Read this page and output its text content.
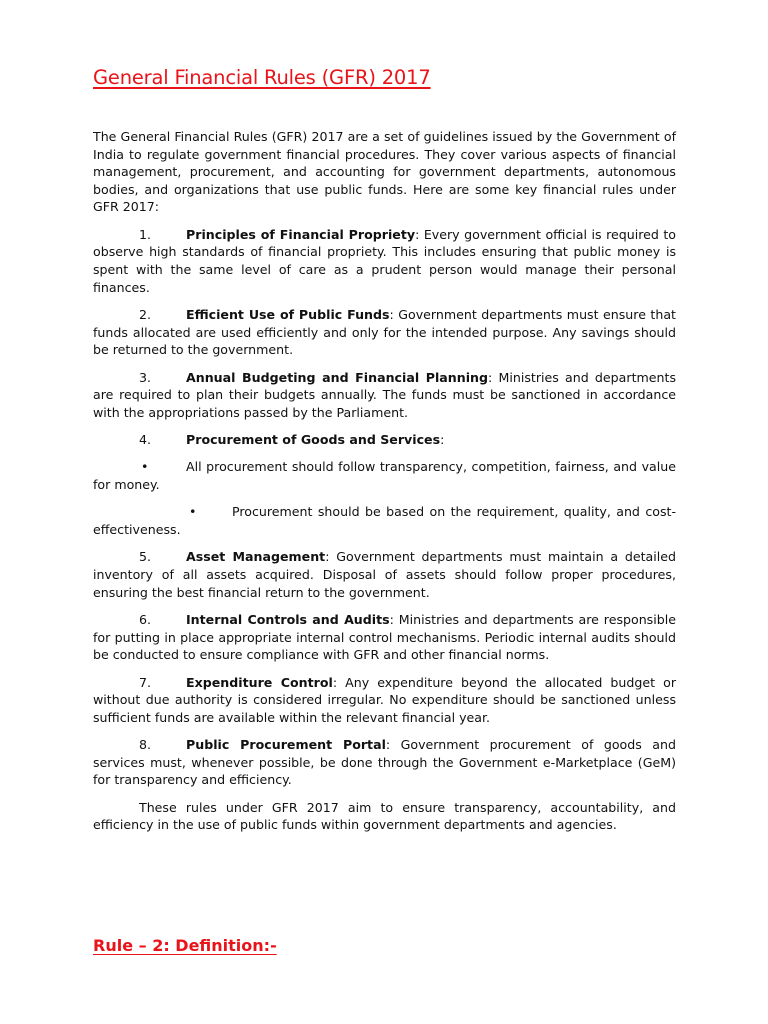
General Financial Rules (GFR) 2017

The General Financial Rules (GFR) 2017 are a set of guidelines issued by the Government of India to regulate government financial procedures. They cover various aspects of financial management, procurement, and accounting for government departments, autonomous bodies, and organizations that use public funds. Here are some key financial rules under GFR 2017:

1.	Principles of Financial Propriety: Every government official is required to observe high standards of financial propriety. This includes ensuring that public money is spent with the same level of care as a prudent person would manage their personal finances.

2.	Efficient Use of Public Funds: Government departments must ensure that funds allocated are used efficiently and only for the intended purpose. Any savings should be returned to the government.

3.	Annual Budgeting and Financial Planning: Ministries and departments are required to plan their budgets annually. The funds must be sanctioned in accordance with the appropriations passed by the Parliament.

4.	Procurement of Goods and Services:

•	All procurement should follow transparency, competition, fairness, and value for money.

•	Procurement should be based on the requirement, quality, and cost-effectiveness.

5.	Asset Management: Government departments must maintain a detailed inventory of all assets acquired. Disposal of assets should follow proper procedures, ensuring the best financial return to the government.

6.	Internal Controls and Audits: Ministries and departments are responsible for putting in place appropriate internal control mechanisms. Periodic internal audits should be conducted to ensure compliance with GFR and other financial norms.

7.	Expenditure Control: Any expenditure beyond the allocated budget or without due authority is considered irregular. No expenditure should be sanctioned unless sufficient funds are available within the relevant financial year.

8.	Public Procurement Portal: Government procurement of goods and services must, whenever possible, be done through the Government e-Marketplace (GeM) for transparency and efficiency.

These rules under GFR 2017 aim to ensure transparency, accountability, and efficiency in the use of public funds within government departments and agencies.

Rule – 2: Definition:-
